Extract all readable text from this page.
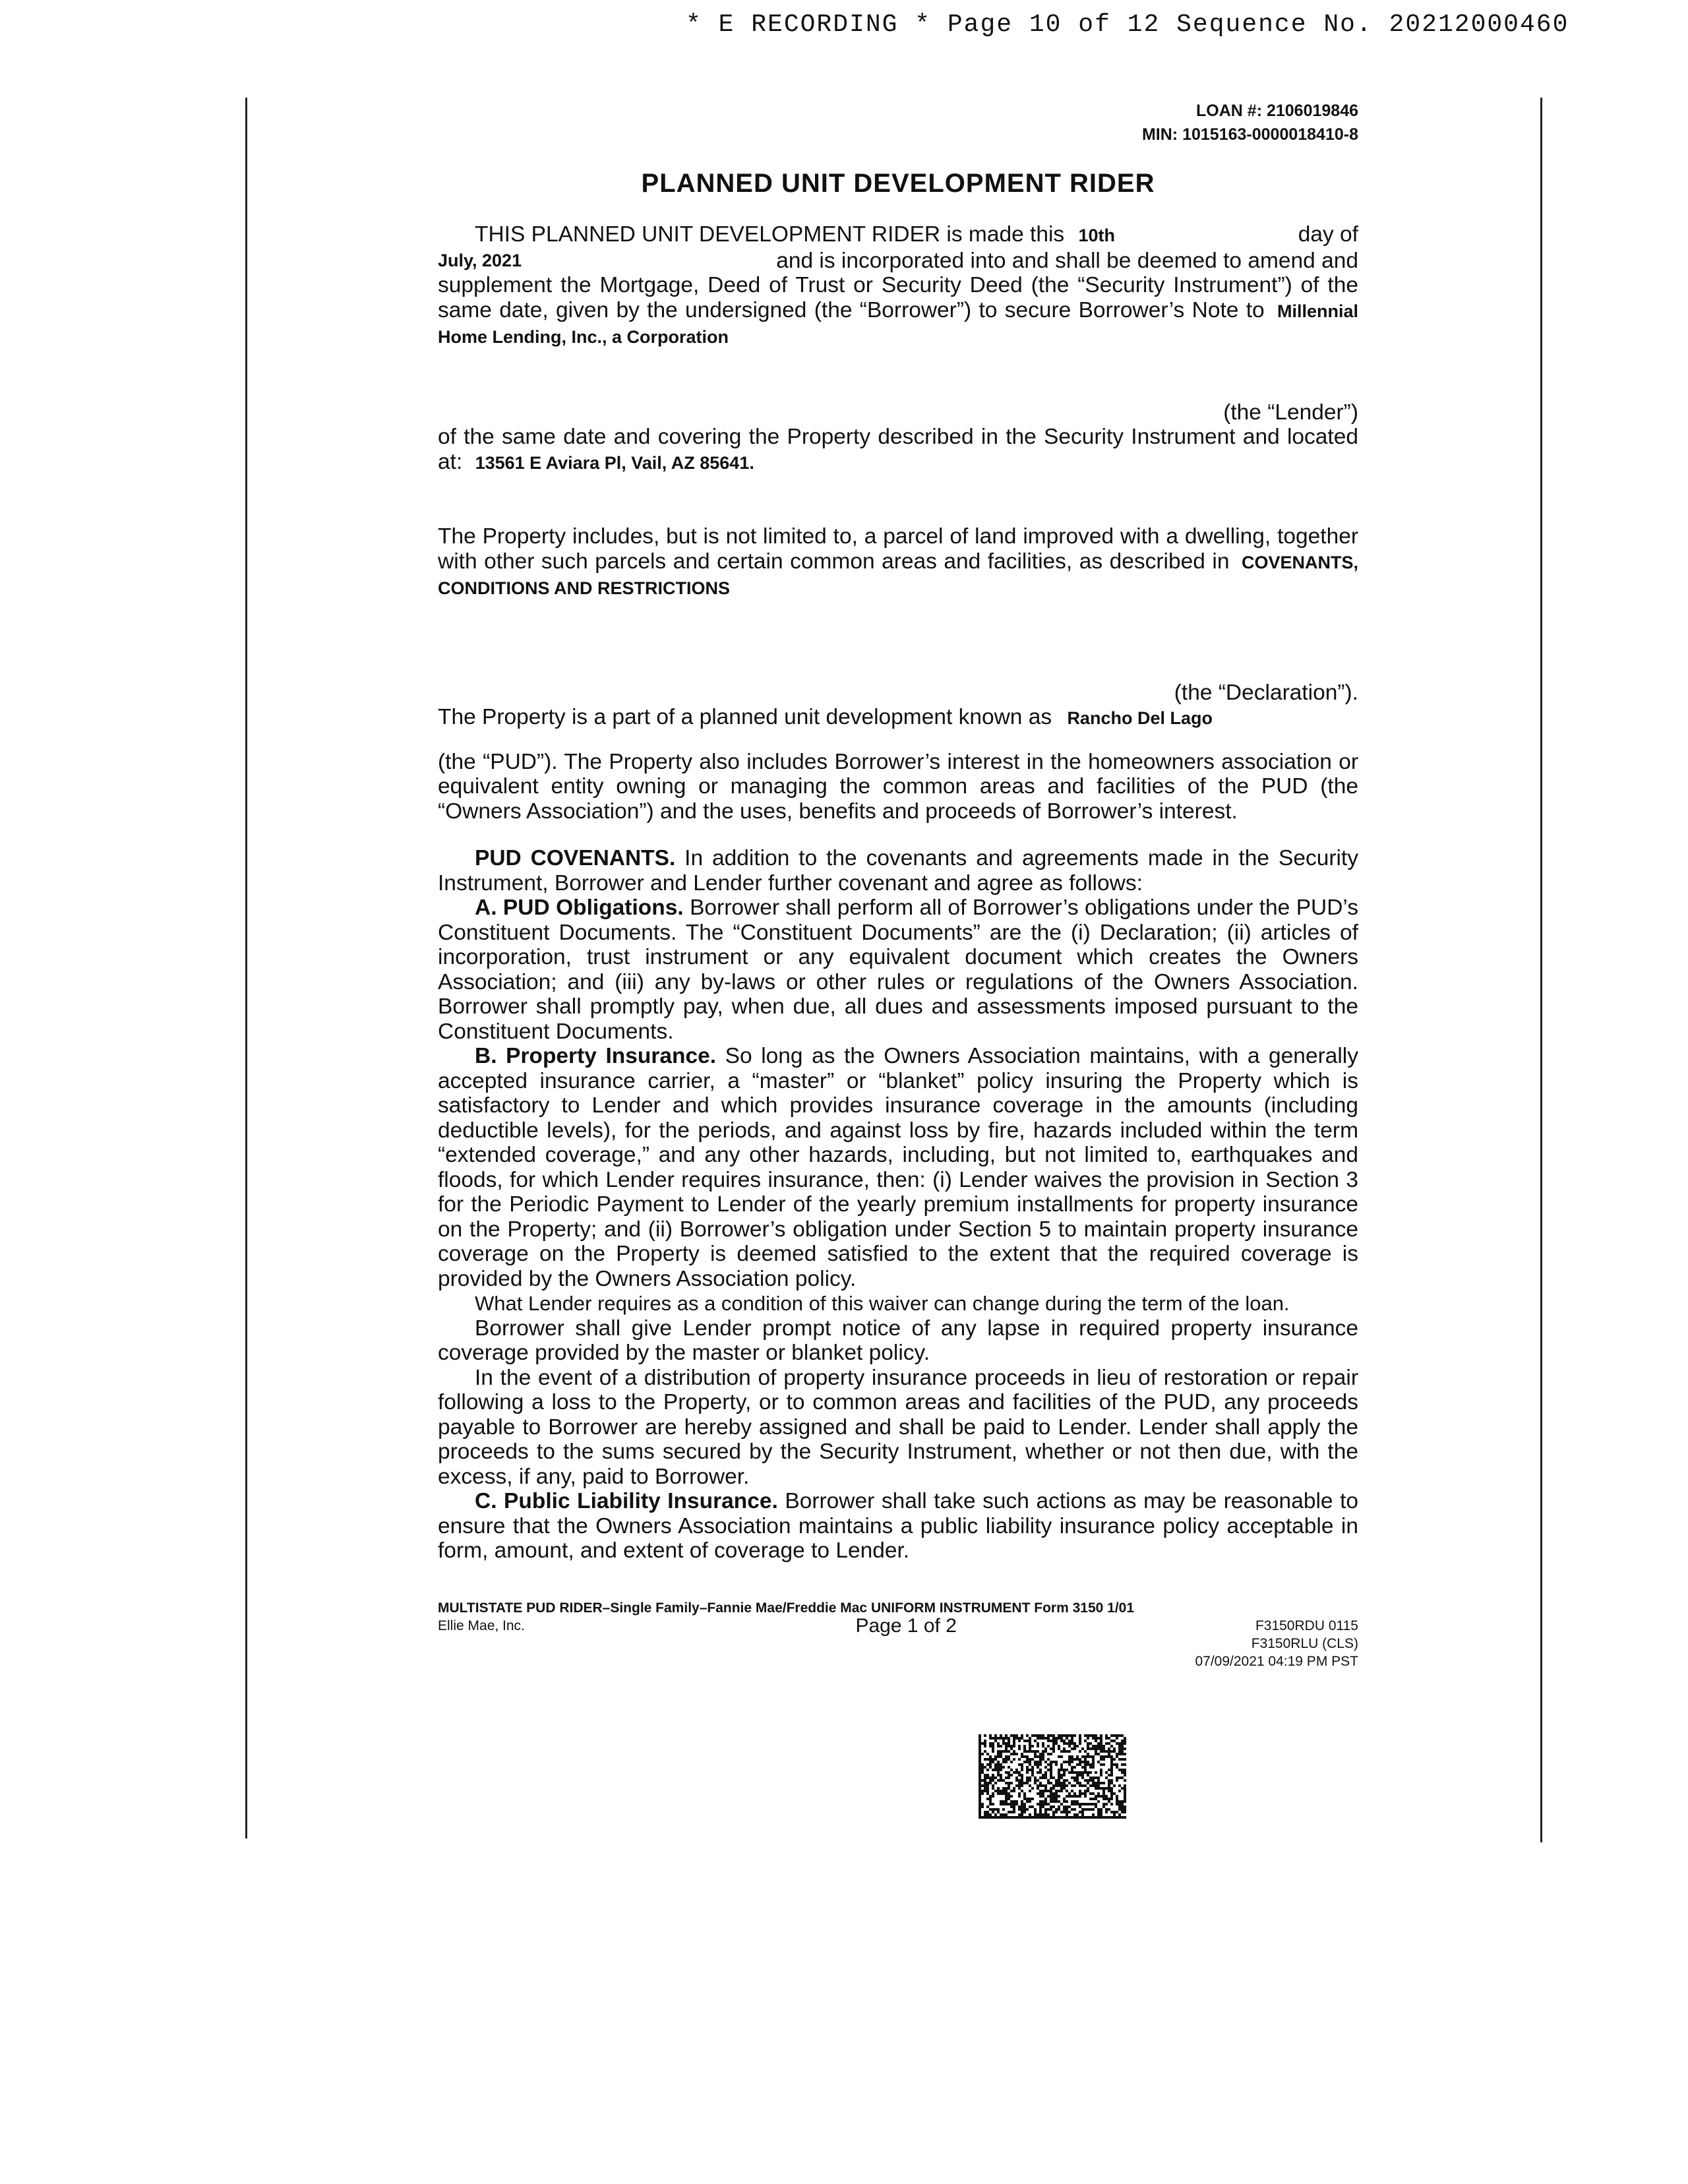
* E RECORDING * Page 10 of 12 Sequence No. 20212000460
LOAN #: 2106019846
MIN: 1015163-0000018410-8
PLANNED UNIT DEVELOPMENT RIDER
THIS PLANNED UNIT DEVELOPMENT RIDER is made this 10th	day of
July, 2021	and is incorporated into and shall be deemed to amend and

supplement the Mortgage, Deed of Trust or Security Deed (the “Security Instrument”) of the same date, given by the undersigned (the “Borrower”) to secure Borrower’s Note to Millennial Home Lending, Inc., a Corporation

(the “Lender”)

of the same date and covering the Property described in the Security Instrument and located at: 13561 E Aviara Pl, Vail, AZ 85641.

The Property includes, but is not limited to, a parcel of land improved with a dwelling, together with other such parcels and certain common areas and facilities, as described in COVENANTS, CONDITIONS AND RESTRICTIONS

(the “Declaration”).

The Property is a part of a planned unit development known as Rancho Del Lago

(the “PUD”). The Property also includes Borrower’s interest in the homeowners association or equivalent entity owning or managing the common areas and facilities of the PUD (the “Owners Association”) and the uses, benefits and proceeds of Borrower’s interest.

PUD COVENANTS. In addition to the covenants and agreements made in the Security Instrument, Borrower and Lender further covenant and agree as follows:

A. PUD Obligations. Borrower shall perform all of Borrower’s obligations under the PUD’s Constituent Documents. The “Constituent Documents” are the (i) Declaration; (ii) articles of incorporation, trust instrument or any equivalent document which creates the Owners Association; and (iii) any by-laws or other rules or regulations of the Owners Association. Borrower shall promptly pay, when due, all dues and assessments imposed pursuant to the Constituent Documents.

B. Property Insurance. So long as the Owners Association maintains, with a generally accepted insurance carrier, a “master” or “blanket” policy insuring the Property which is satisfactory to Lender and which provides insurance coverage in the amounts (including deductible levels), for the periods, and against loss by fire, hazards included within the term “extended coverage,” and any other hazards, including, but not limited to, earthquakes and floods, for which Lender requires insurance, then: (i) Lender waives the provision in Section 3 for the Periodic Payment to Lender of the yearly premium installments for property insurance on the Property; and (ii) Borrower’s obligation under Section 5 to maintain property insurance coverage on the Property is deemed satisfied to the extent that the required coverage is provided by the Owners Association policy.

What Lender requires as a condition of this waiver can change during the term of the loan.

Borrower shall give Lender prompt notice of any lapse in required property insurance coverage provided by the master or blanket policy.

In the event of a distribution of property insurance proceeds in lieu of restoration or repair following a loss to the Property, or to common areas and facilities of the PUD, any proceeds payable to Borrower are hereby assigned and shall be paid to Lender. Lender shall apply the proceeds to the sums secured by the Security Instrument, whether or not then due, with the excess, if any, paid to Borrower.

C. Public Liability Insurance. Borrower shall take such actions as may be reasonable to ensure that the Owners Association maintains a public liability insurance policy acceptable in form, amount, and extent of coverage to Lender.

MULTISTATE PUD RIDER–Single Family–Fannie Mae/Freddie Mac UNIFORM INSTRUMENT Form 3150 1/01
Ellie Mae, Inc.	Page 1 of 2	F3150RDU 0115
F3150RLU (CLS)
07/09/2021 04:19 PM PST
